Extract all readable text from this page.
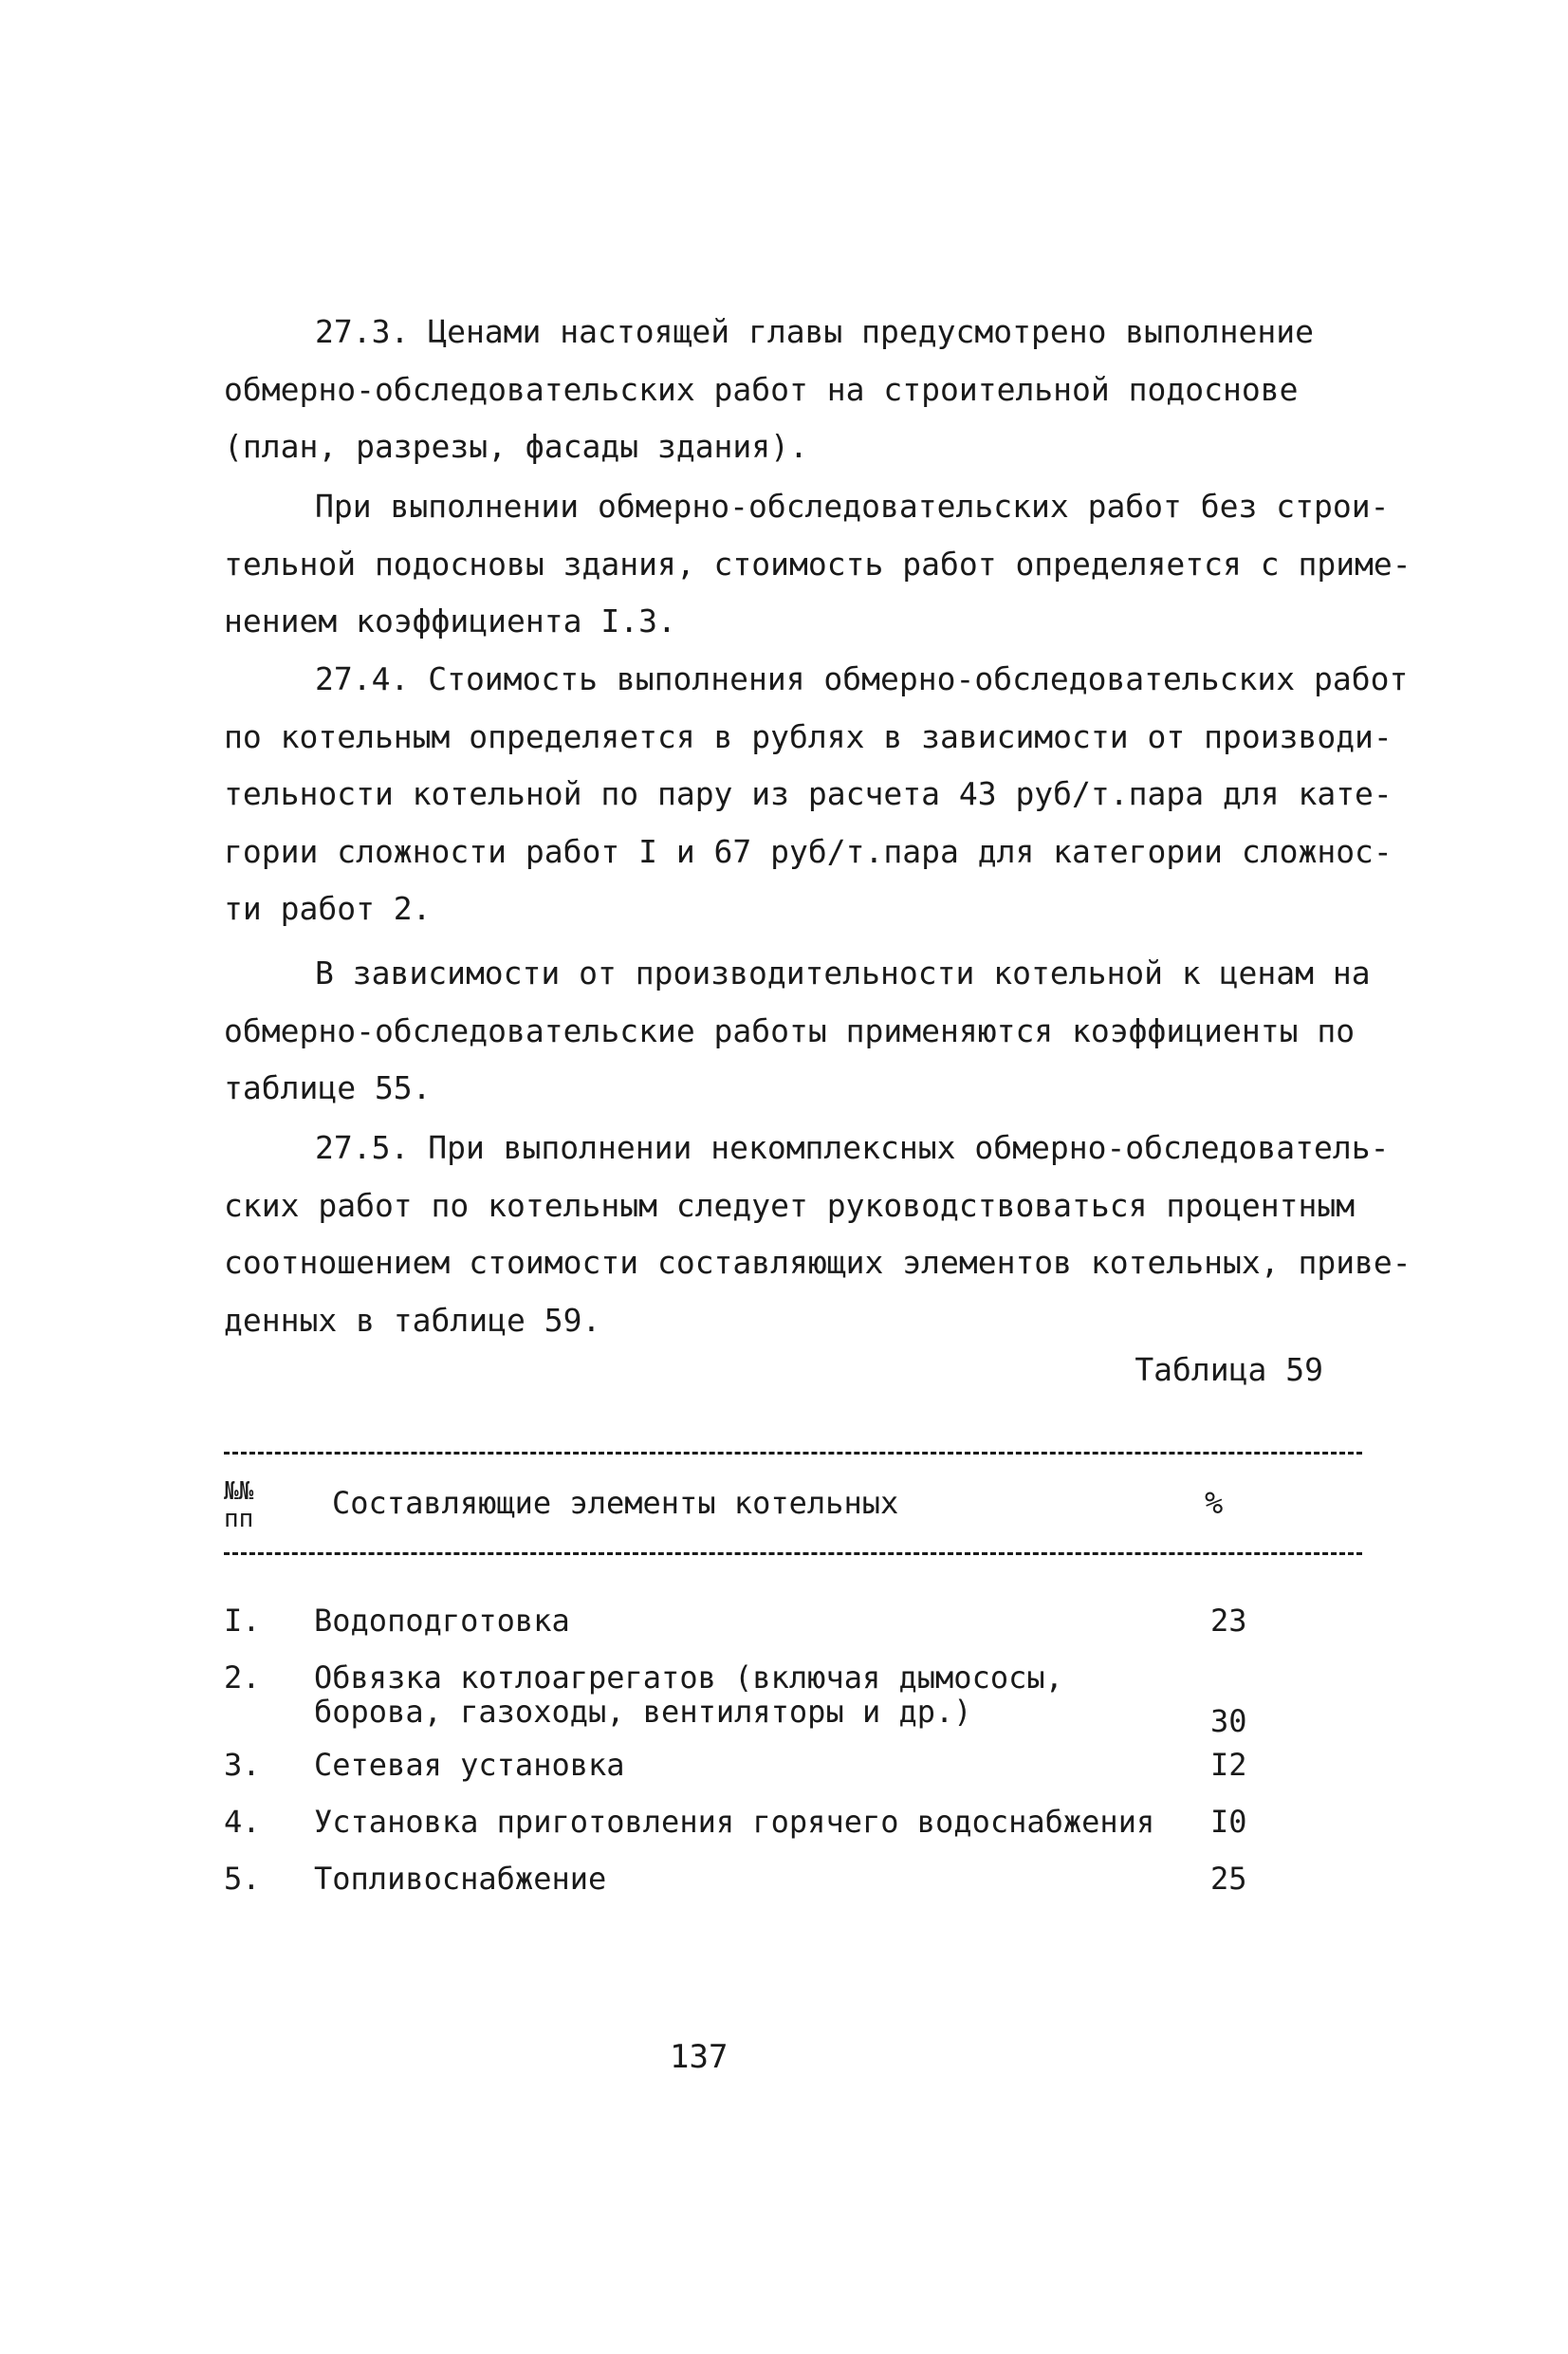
27.3. Ценами настоящей главы предусмотрено выполнение
обмерно-обследовательских работ на строительной подоснове
(план, разрезы, фасады здания).

При выполнении обмерно-обследовательских работ без строи-
тельной подосновы здания, стоимость работ определяется с приме-
нением коэффициента I.3.

27.4. Стоимость выполнения обмерно-обследовательских работ
по котельным определяется в рублях в зависимости от производи-
тельности котельной по пару из расчета 43 руб/т.пара для кате-
гории сложности работ I и 67 руб/т.пара для категории сложнос-
ти работ 2.

В зависимости от производительности котельной к ценам на
обмерно-обследовательские работы применяются коэффициенты по
таблице 55.

27.5. При выполнении некомплексных обмерно-обследователь-
ских работ по котельным следует руководствоваться процентным
соотношением стоимости составляющих элементов котельных, приве-
денных в таблице 59.

Таблица 59
№№
пп	Составляющие элементы котельных	%
I. Водоподготовка	23
2. Обвязка котлоагрегатов (включая дымососы,
борова, газоходы, вентиляторы и др.)	30
3. Сетевая установка	I2
4. Установка приготовления горячего водоснабжения	I0
5. Топливоснабжение	25
137
